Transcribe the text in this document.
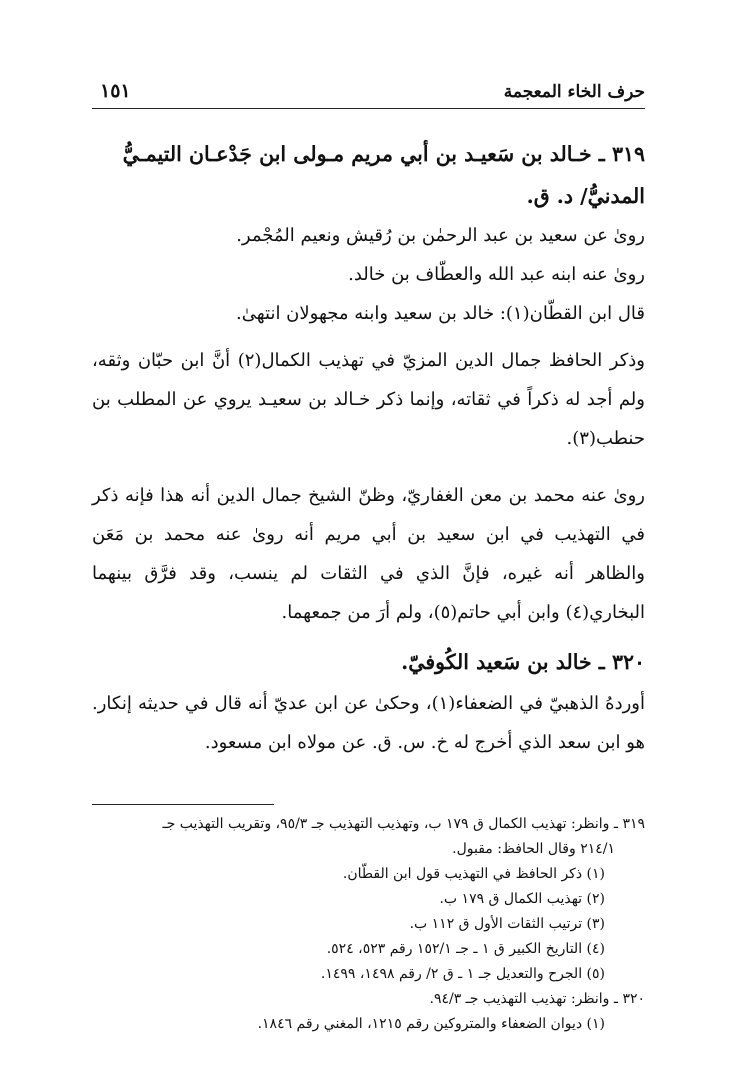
حرف الخاء المعجمة
١٥١

٣١٩ ـ خـالد بن سَعيـد بن أبي مريم مـولى ابن جَدْعـان التيمـيُّ

المدنيُّ/ د. ق.

روىٰ عن سعيد بن عبد الرحمٰن بن رُقيش ونعيم المُجْمر.

روىٰ عنه ابنه عبد الله والعطّاف بن خالد.

قال ابن القطّان(١): خالد بن سعيد وابنه مجهولان انتهىٰ.

وذكر الحافظ جمال الدين المزيّ في تهذيب الكمال(٢) أنَّ ابن حبّان وثقه، ولم أجد له ذكراً في ثقاته، وإنما ذكر خـالد بن سعيـد يروي عن المطلب بن حنطب(٣).

روىٰ عنه محمد بن معن الغفاريّ، وظنّ الشيخ جمال الدين أنه هذا فإنه ذكر في التهذيب في ابن سعيد بن أبي مريم أنه روىٰ عنه محمد بن مَعَن والظاهر أنه غيره، فإنَّ الذي في الثقات لم ينسب، وقد فرَّق بينهما البخاري(٤) وابن أبي حاتم(٥)، ولم أرَ من جمعهما.

٣٢٠ ـ خالد بن سَعيد الكُوفيّ.

أوردهُ الذهبيّ في الضعفاء(١)، وحكىٰ عن ابن عديّ أنه قال في حديثه إنكار. هو ابن سعد الذي أخرج له خ. س. ق. عن مولاه ابن مسعود.

٣١٩ ـ وانظر: تهذيب الكمال ق ١٧٩ ب، وتهذيب التهذيب جـ ٩٥/٣، وتقريب التهذيب جـ

٢١٤/١ وقال الحافظ: مقبول.

(١) ذكر الحافظ في التهذيب قول ابن القطّان.

(٢) تهذيب الكمال ق ١٧٩ ب.

(٣) ترتيب الثقات الأول ق ١١٢ ب.

(٤) التاريخ الكبير ق ١ ـ جـ ١٥٢/١ رقم ٥٢٣، ٥٢٤.

(٥) الجرح والتعديل جـ ١ ـ ق ٢/ رقم ١٤٩٨، ١٤٩٩.

٣٢٠ ـ وانظر: تهذيب التهذيب جـ ٩٤/٣.

(١) ديوان الضعفاء والمتروكين رقم ١٢١٥، المغني رقم ١٨٤٦.
